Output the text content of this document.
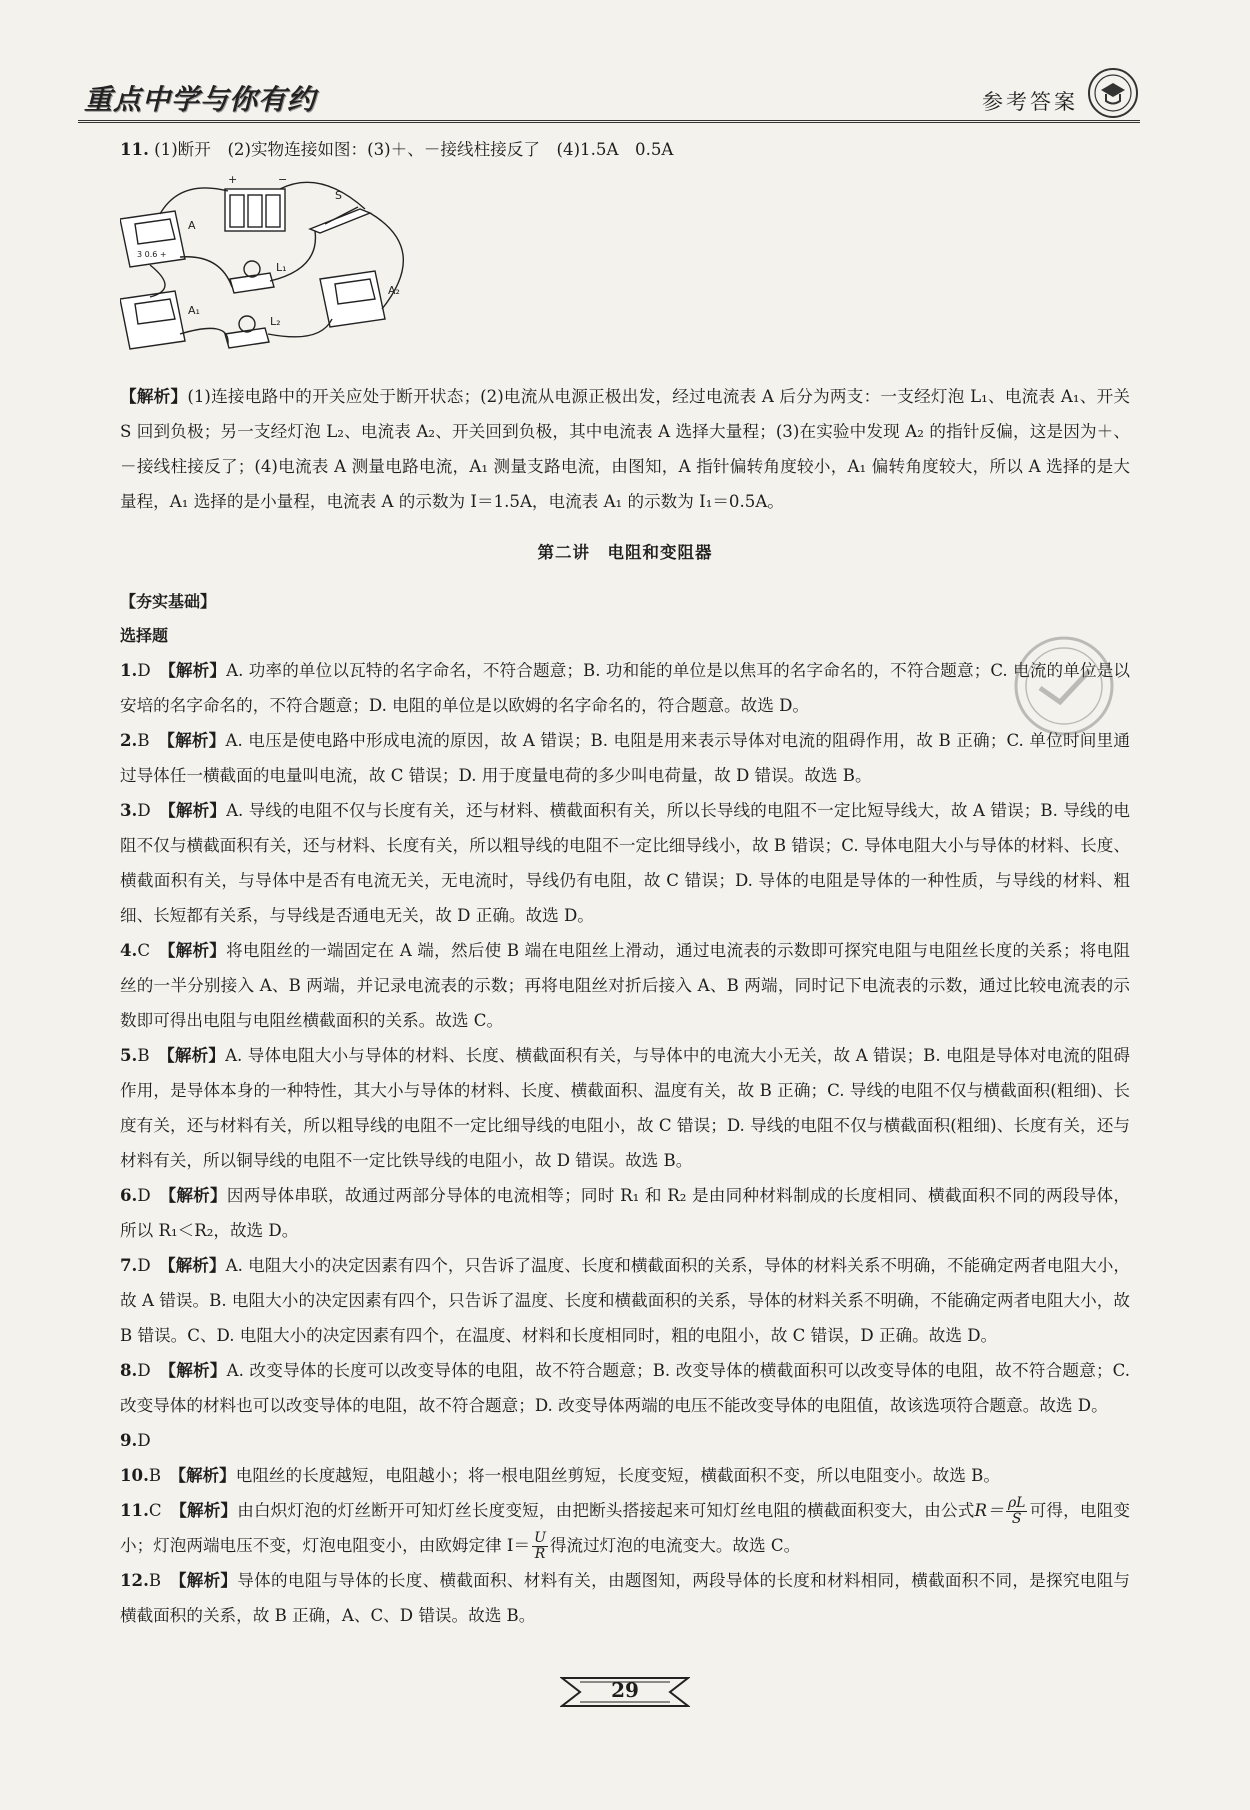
重点中学与你有约	参考答案

11. (1)断开　(2)实物连接如图：(3)＋、－接线柱接反了　(4)1.5A　0.5A

+	−
S
A
A₁
A₂
L₁
L₂
3 0.6 +

【解析】(1)连接电路中的开关应处于断开状态；(2)电流从电源正极出发，经过电流表 A 后分为两支：一支经灯泡 L₁、电流表 A₁、开关 S 回到负极；另一支经灯泡 L₂、电流表 A₂、开关回到负极，其中电流表 A 选择大量程；(3)在实验中发现 A₂ 的指针反偏，这是因为＋、－接线柱接反了；(4)电流表 A 测量电路电流，A₁ 测量支路电流，由图知，A 指针偏转角度较小，A₁ 偏转角度较大，所以 A 选择的是大量程，A₁ 选择的是小量程，电流表 A 的示数为 I＝1.5A，电流表 A₁ 的示数为 I₁＝0.5A。

第二讲　电阻和变阻器
【夯实基础】
选择题

1.D　 【解析】A. 功率的单位以瓦特的名字命名，不符合题意；B. 功和能的单位是以焦耳的名字命名的，不符合题意；C. 电流的单位是以安培的名字命名的，不符合题意；D. 电阻的单位是以欧姆的名字命名的，符合题意。故选 D。

2.B　 【解析】A. 电压是使电路中形成电流的原因，故 A 错误；B. 电阻是用来表示导体对电流的阻碍作用，故 B 正确；C. 单位时间里通过导体任一横截面的电量叫电流，故 C 错误；D. 用于度量电荷的多少叫电荷量，故 D 错误。故选 B。

3.D　 【解析】A. 导线的电阻不仅与长度有关，还与材料、横截面积有关，所以长导线的电阻不一定比短导线大，故 A 错误；B. 导线的电阻不仅与横截面积有关，还与材料、长度有关，所以粗导线的电阻不一定比细导线小，故 B 错误；C. 导体电阻大小与导体的材料、长度、横截面积有关，与导体中是否有电流无关，无电流时，导线仍有电阻，故 C 错误；D. 导体的电阻是导体的一种性质，与导线的材料、粗细、长短都有关系，与导线是否通电无关，故 D 正确。故选 D。

4.C　 【解析】将电阻丝的一端固定在 A 端，然后使 B 端在电阻丝上滑动，通过电流表的示数即可探究电阻与电阻丝长度的关系；将电阻丝的一半分别接入 A、B 两端，并记录电流表的示数；再将电阻丝对折后接入 A、B 两端，同时记下电流表的示数，通过比较电流表的示数即可得出电阻与电阻丝横截面积的关系。故选 C。

5.B　 【解析】A. 导体电阻大小与导体的材料、长度、横截面积有关，与导体中的电流大小无关，故 A 错误；B. 电阻是导体对电流的阻碍作用，是导体本身的一种特性，其大小与导体的材料、长度、横截面积、温度有关，故 B 正确；C. 导线的电阻不仅与横截面积(粗细)、长度有关，还与材料有关，所以粗导线的电阻不一定比细导线的电阻小，故 C 错误；D. 导线的电阻不仅与横截面积(粗细)、长度有关，还与材料有关，所以铜导线的电阻不一定比铁导线的电阻小，故 D 错误。故选 B。

6.D　 【解析】因两导体串联，故通过两部分导体的电流相等；同时 R₁ 和 R₂ 是由同种材料制成的长度相同、横截面积不同的两段导体，所以 R₁＜R₂，故选 D。

7.D　 【解析】A. 电阻大小的决定因素有四个，只告诉了温度、长度和横截面积的关系，导体的材料关系不明确，不能确定两者电阻大小，故 A 错误。B. 电阻大小的决定因素有四个，只告诉了温度、长度和横截面积的关系，导体的材料关系不明确，不能确定两者电阻大小，故 B 错误。C、D. 电阻大小的决定因素有四个，在温度、材料和长度相同时，粗的电阻小，故 C 错误，D 正确。故选 D。

8.D　 【解析】A. 改变导体的长度可以改变导体的电阻，故不符合题意；B. 改变导体的横截面积可以改变导体的电阻，故不符合题意；C. 改变导体的材料也可以改变导体的电阻，故不符合题意；D. 改变导体两端的电压不能改变导体的电阻值，故该选项符合题意。故选 D。

9.D

10.B　 【解析】电阻丝的长度越短，电阻越小；将一根电阻丝剪短，长度变短，横截面积不变，所以电阻变小。故选 B。

11.C　 【解析】由白炽灯泡的灯丝断开可知灯丝长度变短，由把断头搭接起来可知灯丝电阻的横截面积变大，由公式$R= \frac{\rho L}{S}$ 可得，电阻变小；灯泡两端电压不变，灯泡电阻变小，由欧姆定律 $I= \frac{U}{R}$ 得流过灯泡的电流变大。故选 C。

12.B　 【解析】导体的电阻与导体的长度、横截面积、材料有关，由题图知，两段导体的长度和材料相同，横截面积不同，是探究电阻与横截面积的关系，故 B 正确，A、C、D 错误。故选 B。

29
